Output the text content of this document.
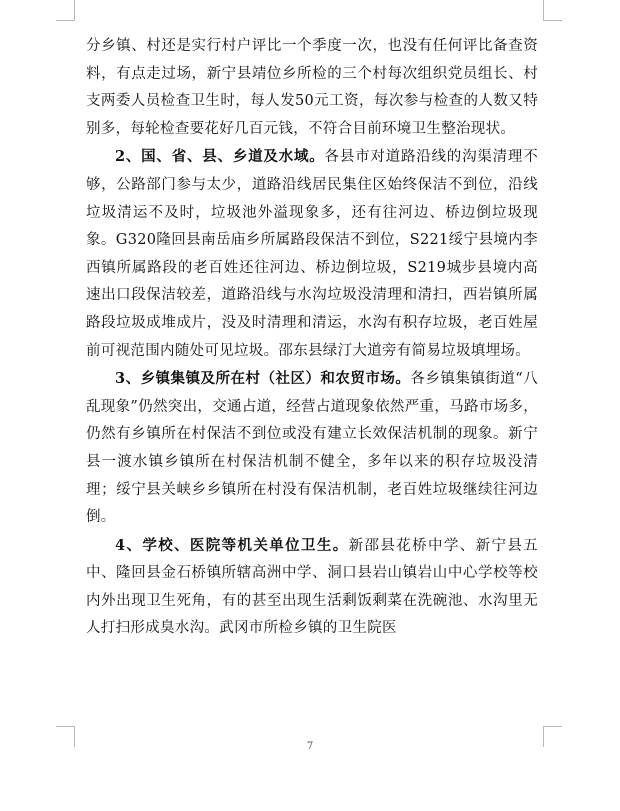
分乡镇、村还是实行村户评比一个季度一次，也没有任何评比备查资料，有点走过场，新宁县靖位乡所检的三个村每次组织党员组长、村支两委人员检查卫生时，每人发50元工资，每次参与检查的人数又特别多，每轮检查要花好几百元钱，不符合目前环境卫生整治现状。

2、国、省、县、乡道及水域。各县市对道路沿线的沟渠清理不够，公路部门参与太少，道路沿线居民集住区始终保洁不到位，沿线垃圾清运不及时，垃圾池外溢现象多，还有往河边、桥边倒垃圾现象。G320隆回县南岳庙乡所属路段保洁不到位，S221绥宁县境内李西镇所属路段的老百姓还往河边、桥边倒垃圾，S219城步县境内高速出口段保洁较差，道路沿线与水沟垃圾没清理和清扫，西岩镇所属路段垃圾成堆成片，没及时清理和清运，水沟有积存垃圾，老百姓屋前可视范围内随处可见垃圾。邵东县绿汀大道旁有简易垃圾填埋场。

3、乡镇集镇及所在村（社区）和农贸市场。各乡镇集镇街道“八乱现象”仍然突出，交通占道，经营占道现象依然严重，马路市场多，仍然有乡镇所在村保洁不到位或没有建立长效保洁机制的现象。新宁县一渡水镇乡镇所在村保洁机制不健全，多年以来的积存垃圾没清理；绥宁县关峡乡乡镇所在村没有保洁机制，老百姓垃圾继续往河边倒。

4、学校、医院等机关单位卫生。新邵县花桥中学、新宁县五中、隆回县金石桥镇所辖高洲中学、洞口县岩山镇岩山中心学校等校内外出现卫生死角，有的甚至出现生活剩饭剩菜在洗碗池、水沟里无人打扫形成臭水沟。武冈市所检乡镇的卫生院医

7
